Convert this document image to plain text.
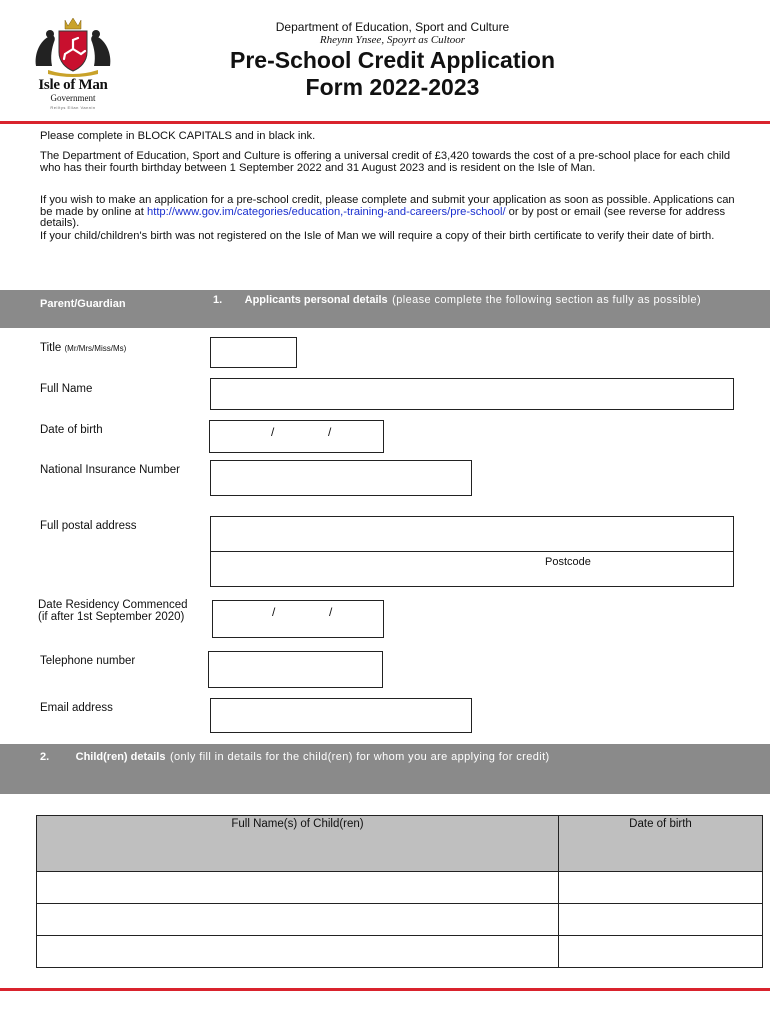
Isle of Man
Government
Reiltys Ellan Vannin
Department of Education, Sport and Culture
Rheynn Ynsee, Spoyrt as Cultoor
Pre-School Credit Application
Form 2022-2023
Please complete in BLOCK CAPITALS and in black ink.
The Department of Education, Sport and Culture is offering a universal credit of £3,420 towards the cost of a pre-school place for each child who has their fourth birthday between 1 September 2022 and 31 August 2023 and is resident on the Isle of Man.
If you wish to make an application for a pre-school credit, please complete and submit your application as soon as possible. Applications can be made by online at http://www.gov.im/categories/education,-training-and-careers/pre-school/ or by post or email (see reverse for address details).
If your child/children's birth was not registered on the Isle of Man we will require a copy of their birth certificate to verify their date of birth.
Parent/Guardian	1. Applicants personal details (please complete the following section as fully as possible)
Title (Mr/Mrs/Miss/Ms)
Full Name
Date of birth	/	/
National Insurance Number
Full postal address
Postcode
Date Residency Commenced
(if after 1st September 2020)	/	/
Telephone number
Email address
2. Child(ren) details (only fill in details for the child(ren) for whom you are applying for credit)
Full Name(s) of Child(ren)	Date of birth
